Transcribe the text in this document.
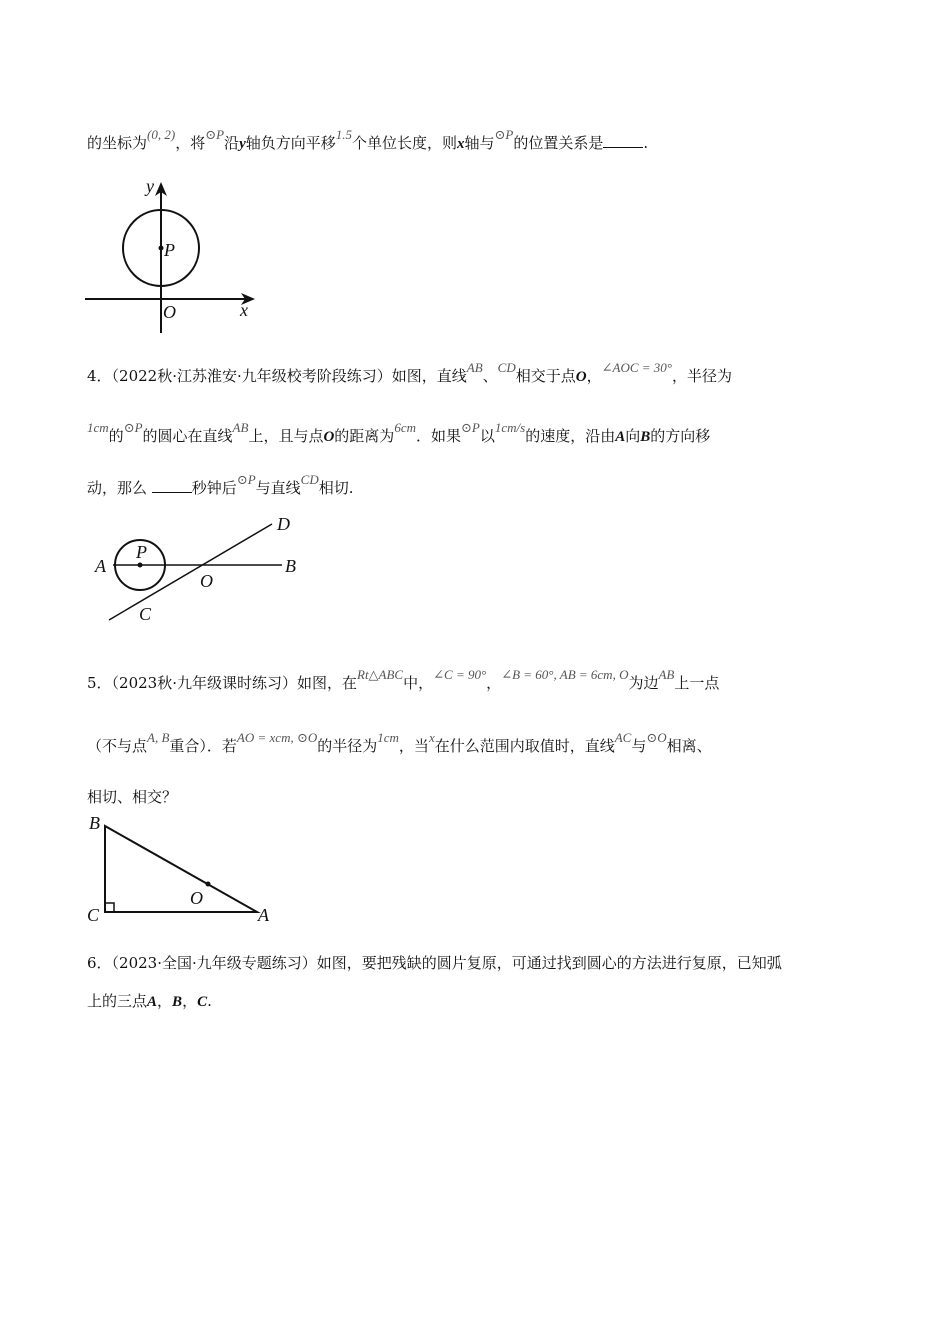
的坐标为(0, 2)，将⊙P沿y轴负方向平移1.5个单位长度，则x轴与⊙P的位置关系是	.
y
P
O	x
4．（2022秋·江苏淮安·九年级校考阶段练习）如图，直线AB、CD相交于点O，∠AOC = 30°，半径为
1cm的⊙P的圆心在直线AB上，且与点O的距离为6cm．如果⊙P以1cm/s的速度，沿由A向B的方向移
动，那么	秒钟后⊙P与直线CD相切.
A
P
O
B
C
D
5．（2023秋·九年级课时练习）如图，在Rt△ABC中，∠C = 90°，∠B = 60°, AB = 6cm, O为边AB上一点
（不与点A, B重合）．若AO = xcm, ⊙O的半径为1cm，当x在什么范围内取值时，直线AC与⊙O相离、
相切、相交？
B
O
C	A
6．（2023·全国·九年级专题练习）如图，要把残缺的圆片复原，可通过找到圆心的方法进行复原，已知弧
上的三点A，B，C.
